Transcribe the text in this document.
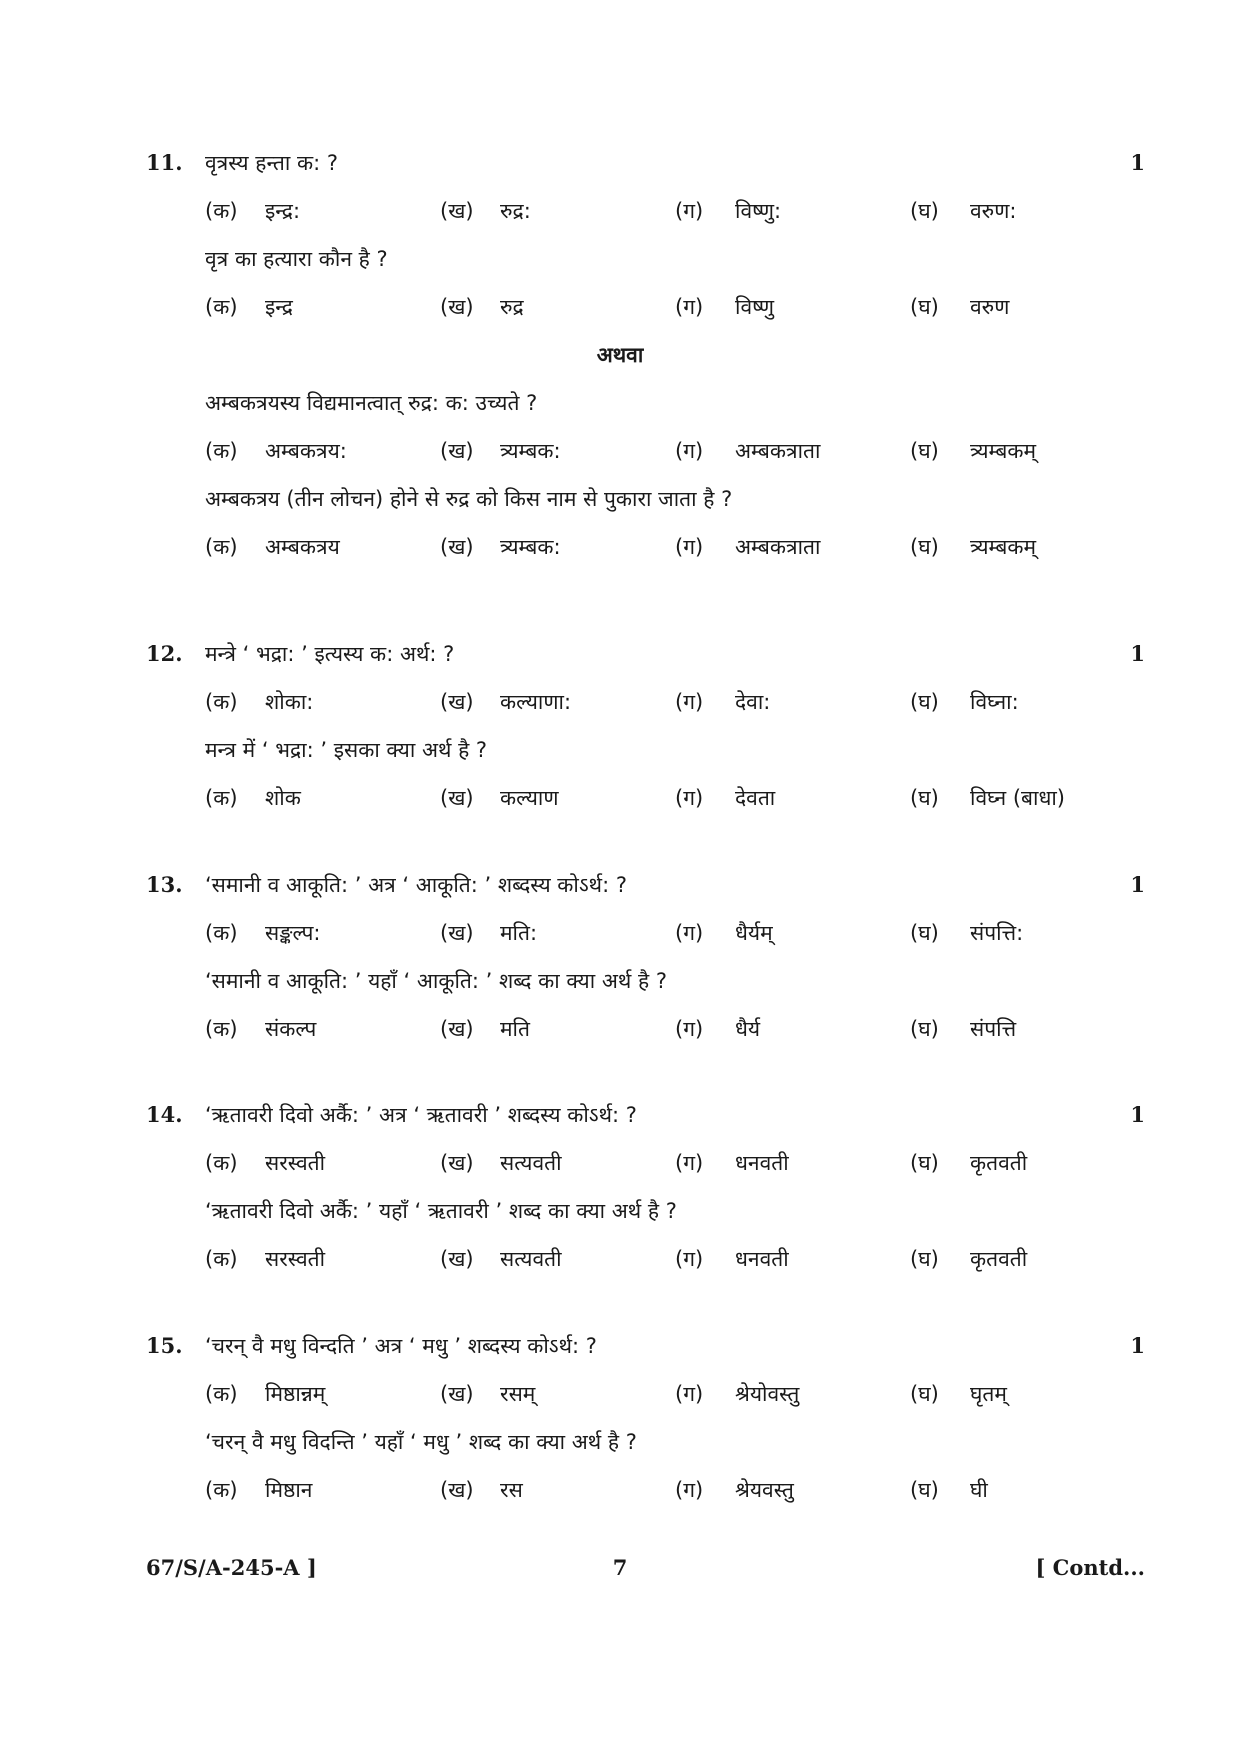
11. वृत्रस्य हन्ता क: ?	1
(क) इन्द्र:	(ख) रुद्र:	(ग) विष्णु:	(घ) वरुण:
वृत्र का हत्यारा कौन है ?
(क) इन्द्र	(ख) रुद्र	(ग) विष्णु	(घ) वरुण
अथवा
अम्बकत्रयस्य विद्यमानत्वात् रुद्र: क: उच्यते ?
(क) अम्बकत्रय:	(ख) त्र्यम्बक:	(ग) अम्बकत्राता	(घ) त्र्यम्बकम्
अम्बकत्रय (तीन लोचन) होने से रुद्र को किस नाम से पुकारा जाता है ?
(क) अम्बकत्रय	(ख) त्र्यम्बक:	(ग) अम्बकत्राता	(घ) त्र्यम्बकम्
12. मन्त्रे ‘ भद्रा: ’ इत्यस्य क: अर्थ: ?	1
(क) शोका:	(ख) कल्याणा:	(ग) देवा:	(घ) विघ्ना:
मन्त्र में ‘ भद्रा: ’ इसका क्या अर्थ है ?
(क) शोक	(ख) कल्याण	(ग) देवता	(घ) विघ्न (बाधा)
13. ‘समानी व आकूति: ’ अत्र ‘ आकूति: ’ शब्दस्य कोऽर्थ: ?	1
(क) सङ्कल्प:	(ख) मति:	(ग) धैर्यम्	(घ) संपत्ति:
‘समानी व आकूति: ’ यहाँ ‘ आकूति: ’ शब्द का क्या अर्थ है ?
(क) संकल्प	(ख) मति	(ग) धैर्य	(घ) संपत्ति
14. ‘ऋतावरी दिवो अर्कै: ’ अत्र ‘ ऋतावरी ’ शब्दस्य कोऽर्थ: ?	1
(क) सरस्वती	(ख) सत्यवती	(ग) धनवती	(घ) कृतवती
‘ऋतावरी दिवो अर्कै: ’ यहाँ ‘ ऋतावरी ’ शब्द का क्या अर्थ है ?
(क) सरस्वती	(ख) सत्यवती	(ग) धनवती	(घ) कृतवती
15. ‘चरन् वै मधु विन्दति ’ अत्र ‘ मधु ’ शब्दस्य कोऽर्थ: ?	1
(क) मिष्ठान्नम्	(ख) रसम्	(ग) श्रेयोवस्तु	(घ) घृतम्
‘चरन् वै मधु विदन्ति ’ यहाँ ‘ मधु ’ शब्द का क्या अर्थ है ?
(क) मिष्ठान	(ख) रस	(ग) श्रेयवस्तु	(घ) घी
67/S/A-245-A ]	7	[ Contd...
